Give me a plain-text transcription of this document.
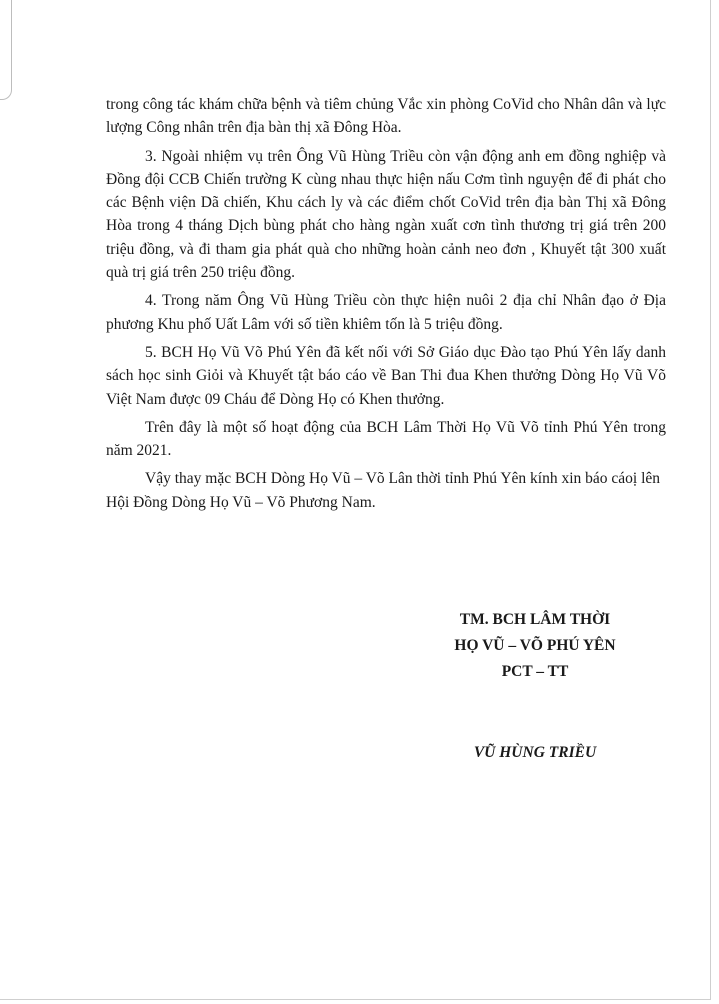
trong công tác khám chữa bệnh và tiêm chủng Vắc xin phòng CoVid cho Nhân dân và lực lượng Công nhân trên địa bàn thị xã Đông Hòa.

3. Ngoài nhiệm vụ trên Ông Vũ Hùng Triều còn vận động anh em đồng nghiệp và Đồng đội CCB Chiến trường K cùng nhau thực hiện nấu Cơm tình nguyện để đi phát cho các Bệnh viện Dã chiến, Khu cách ly và các điểm chốt CoVid trên địa bàn Thị xã Đông Hòa trong 4 tháng Dịch bùng phát cho hàng ngàn xuất cơn tình thương trị giá trên 200 triệu đồng, và đi tham gia phát quà cho những hoàn cảnh neo đơn , Khuyết tật 300 xuất quà trị giá trên 250 triệu đồng.

4. Trong năm Ông Vũ Hùng Triều còn thực hiện nuôi 2 địa chỉ Nhân đạo ở Địa phương Khu phố Uất Lâm với số tiền khiêm tốn là 5 triệu đồng.

5. BCH Họ Vũ Võ Phú Yên đã kết nối với Sở Giáo dục Đào tạo Phú Yên lấy danh sách học sinh Giỏi và Khuyết tật báo cáo về Ban Thi đua Khen thưởng Dòng Họ Vũ Võ Việt Nam được 09 Cháu để Dòng Họ có Khen thưởng.

Trên đây là một số hoạt động của BCH Lâm Thời Họ Vũ Võ tỉnh Phú Yên trong năm 2021.

Vậy thay mặc BCH Dòng Họ Vũ – Võ Lân thời tỉnh Phú Yên kính xin báo cáoị lên Hội Đồng Dòng Họ Vũ – Võ Phương Nam.

TM. BCH LÂM THỜI
HỌ VŨ – VÕ PHÚ YÊN
PCT – TT
VŨ HÙNG TRIỀU
